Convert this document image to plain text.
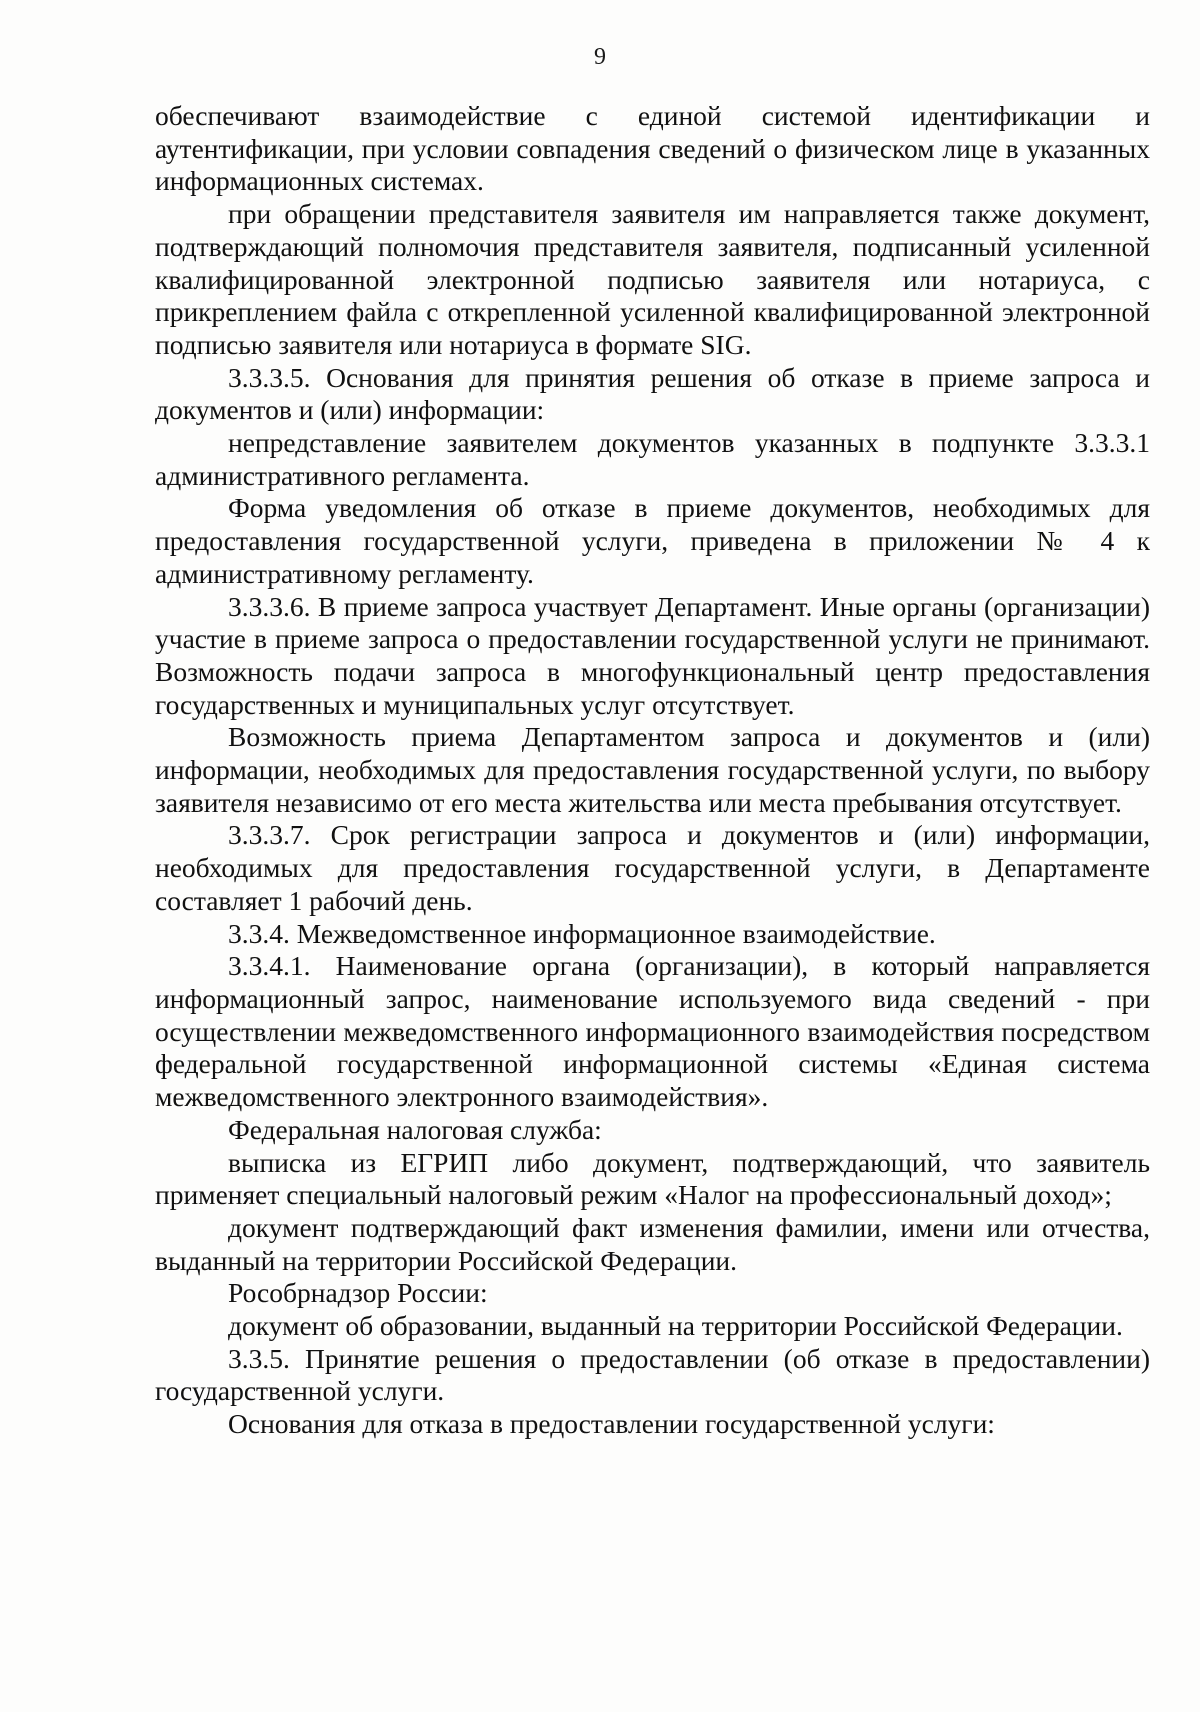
9

обеспечивают взаимодействие с единой системой идентификации и аутентификации, при условии совпадения сведений о физическом лице в указанных информационных системах.

при обращении представителя заявителя им направляется также документ, подтверждающий полномочия представителя заявителя, подписанный усиленной квалифицированной электронной подписью заявителя или нотариуса, с прикреплением файла с открепленной усиленной квалифицированной электронной подписью заявителя или нотариуса в формате SIG.

3.3.3.5. Основания для принятия решения об отказе в приеме запроса и документов и (или) информации:

непредставление заявителем документов указанных в подпункте 3.3.3.1 административного регламента.

Форма уведомления об отказе в приеме документов, необходимых для предоставления государственной услуги, приведена в приложении № 4 к административному регламенту.

3.3.3.6. В приеме запроса участвует Департамент. Иные органы (организации) участие в приеме запроса о предоставлении государственной услуги не принимают. Возможность подачи запроса в многофункциональный центр предоставления государственных и муниципальных услуг отсутствует.

Возможность приема Департаментом запроса и документов и (или) информации, необходимых для предоставления государственной услуги, по выбору заявителя независимо от его места жительства или места пребывания отсутствует.

3.3.3.7. Срок регистрации запроса и документов и (или) информации, необходимых для предоставления государственной услуги, в Департаменте составляет 1 рабочий день.

3.3.4. Межведомственное информационное взаимодействие.

3.3.4.1. Наименование органа (организации), в который направляется информационный запрос, наименование используемого вида сведений - при осуществлении межведомственного информационного взаимодействия посредством федеральной государственной информационной системы «Единая система межведомственного электронного взаимодействия».

Федеральная налоговая служба:

выписка из ЕГРИП либо документ, подтверждающий, что заявитель применяет специальный налоговый режим «Налог на профессиональный доход»;

документ подтверждающий факт изменения фамилии, имени или отчества, выданный на территории Российской Федерации.

Рособрнадзор России:

документ об образовании, выданный на территории Российской Федерации.

3.3.5. Принятие решения о предоставлении (об отказе в предоставлении) государственной услуги.

Основания для отказа в предоставлении государственной услуги:
